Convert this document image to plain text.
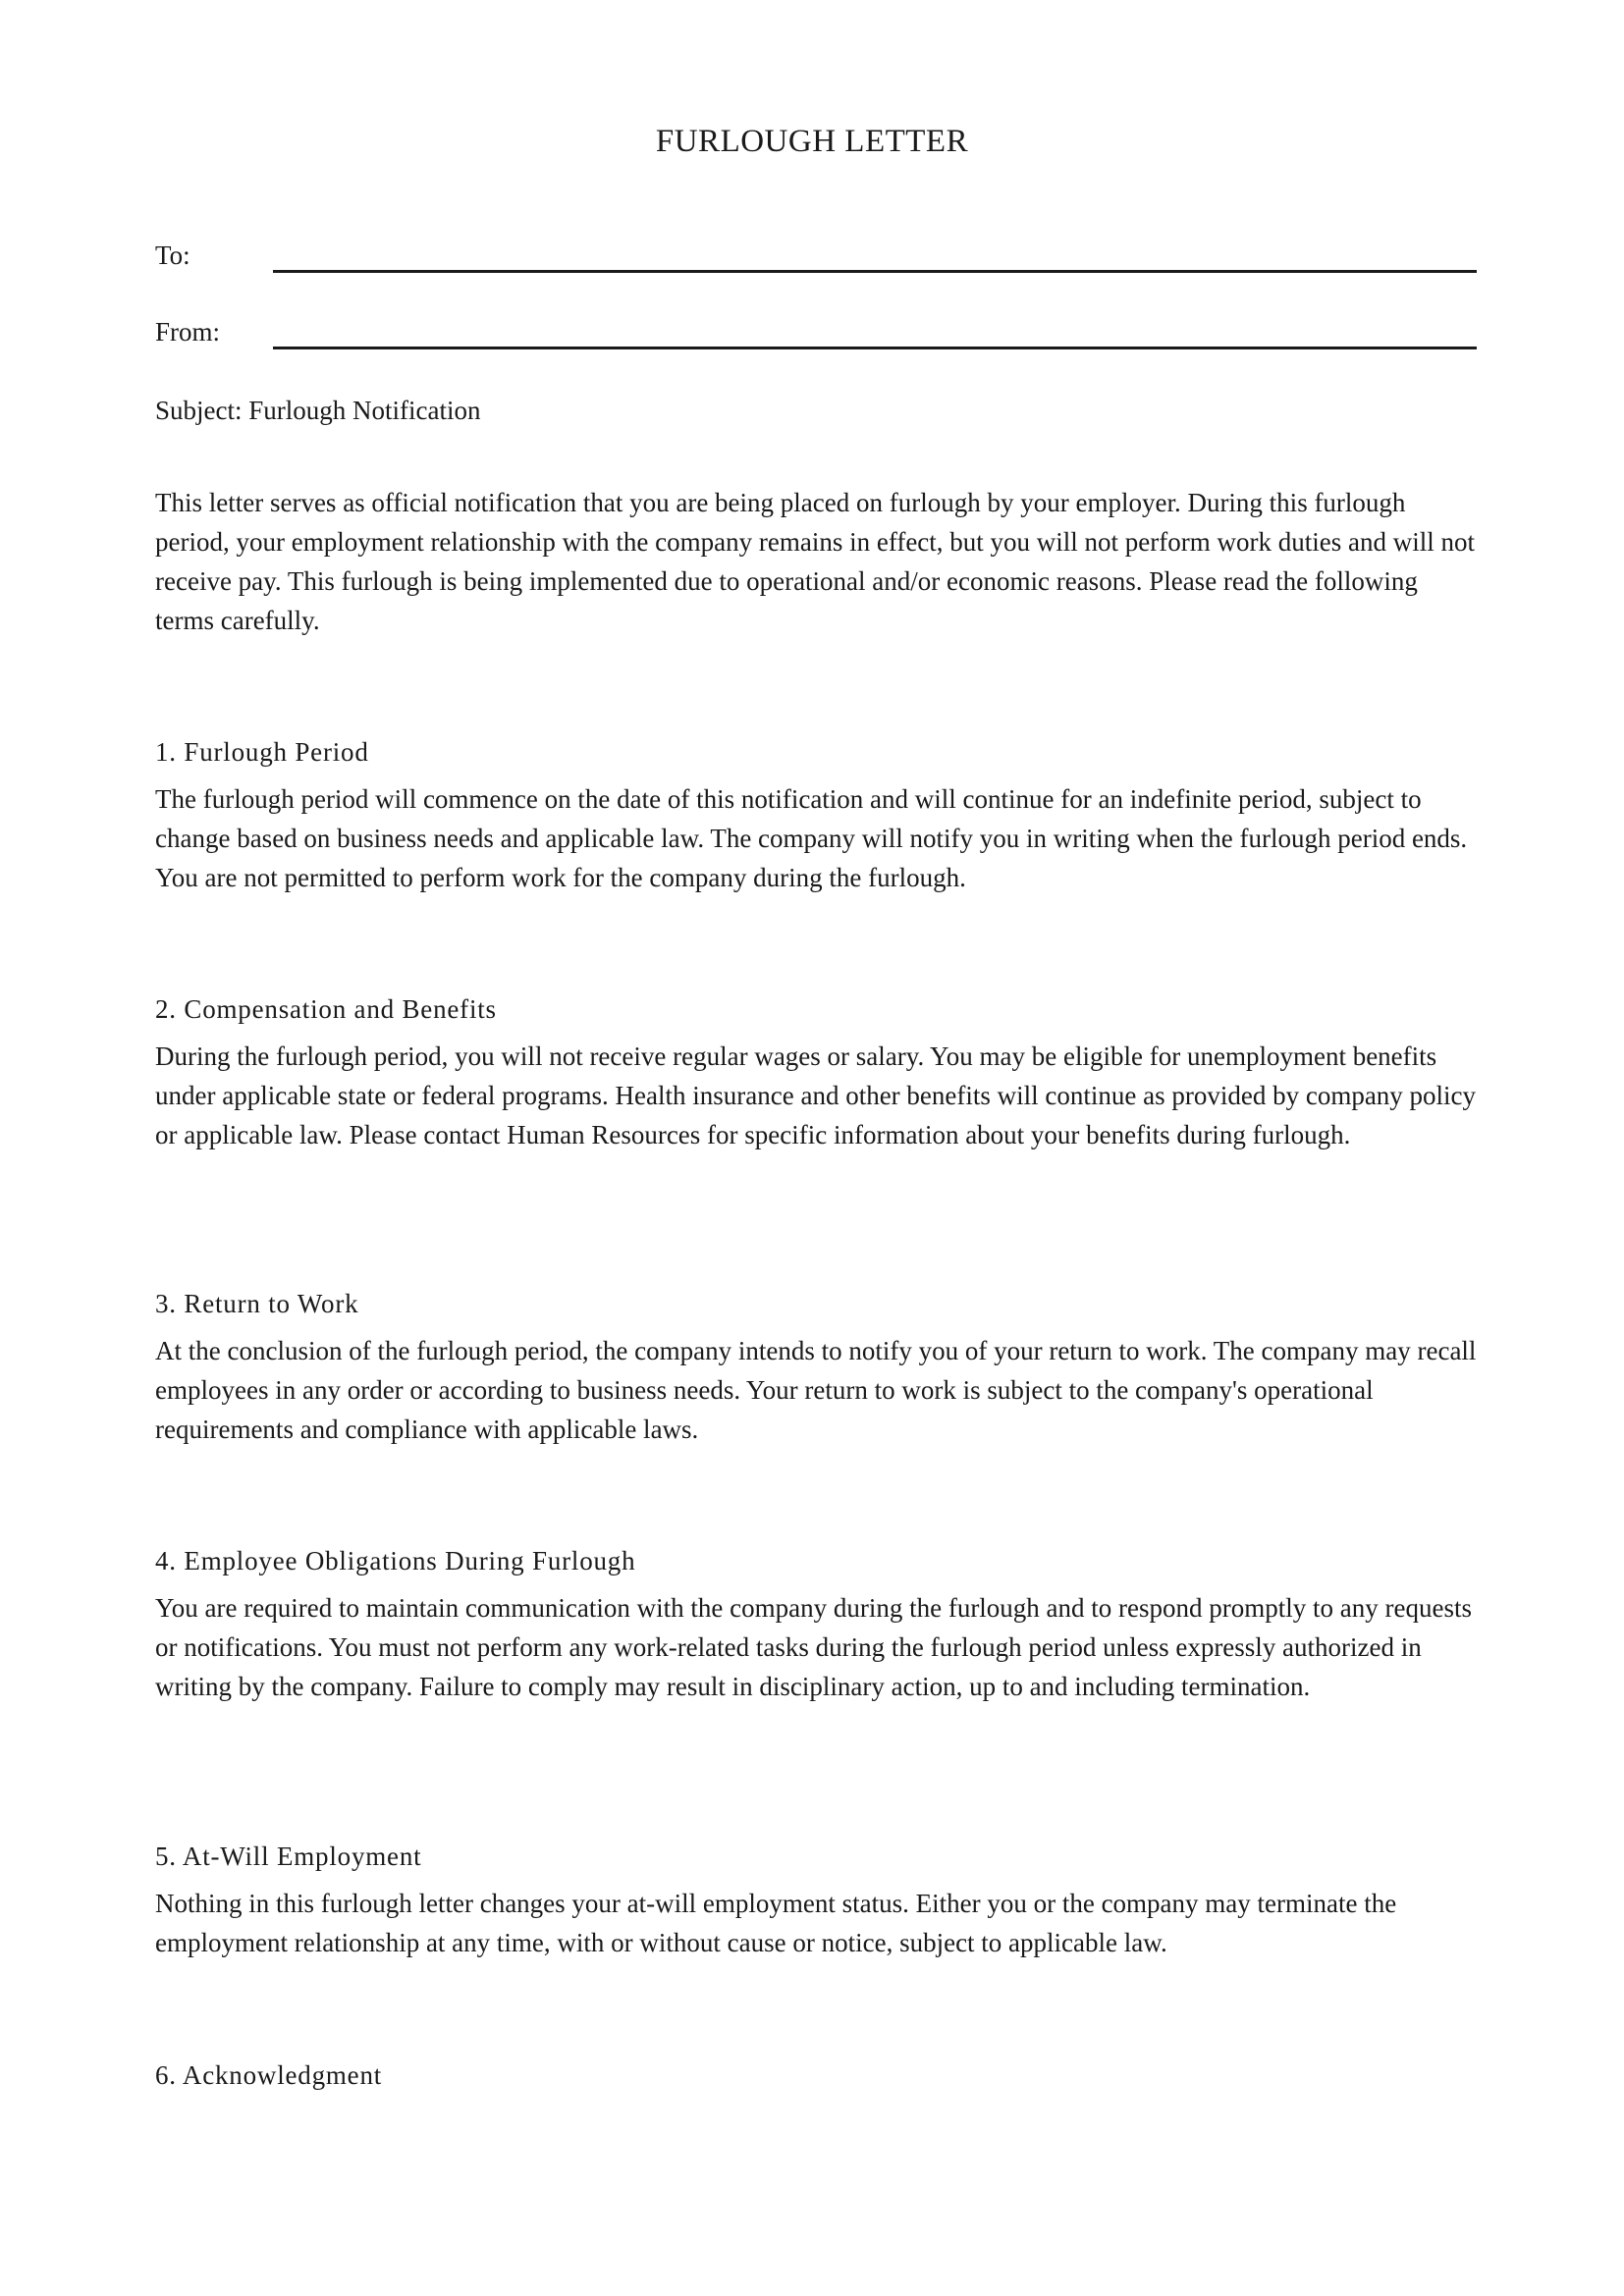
FURLOUGH LETTER
To:
From:
Subject: Furlough Notification

This letter serves as official notification that you are being placed on furlough by your employer. During this furlough period, your employment relationship with the company remains in effect, but you will not perform work duties and will not receive pay. This furlough is being implemented due to operational and/or economic reasons. Please read the following terms carefully.

1. Furlough Period

The furlough period will commence on the date of this notification and will continue for an indefinite period, subject to change based on business needs and applicable law. The company will notify you in writing when the furlough period ends. You are not permitted to perform work for the company during the furlough.

2. Compensation and Benefits

During the furlough period, you will not receive regular wages or salary. You may be eligible for unemployment benefits under applicable state or federal programs. Health insurance and other benefits will continue as provided by company policy or applicable law. Please contact Human Resources for specific information about your benefits during furlough.

3. Return to Work

At the conclusion of the furlough period, the company intends to notify you of your return to work. The company may recall employees in any order or according to business needs. Your return to work is subject to the company's operational requirements and compliance with applicable laws.

4. Employee Obligations During Furlough

You are required to maintain communication with the company during the furlough and to respond promptly to any requests or notifications. You must not perform any work-related tasks during the furlough period unless expressly authorized in writing by the company. Failure to comply may result in disciplinary action, up to and including termination.

5. At-Will Employment

Nothing in this furlough letter changes your at-will employment status. Either you or the company may terminate the employment relationship at any time, with or without cause or notice, subject to applicable law.

6. Acknowledgment
